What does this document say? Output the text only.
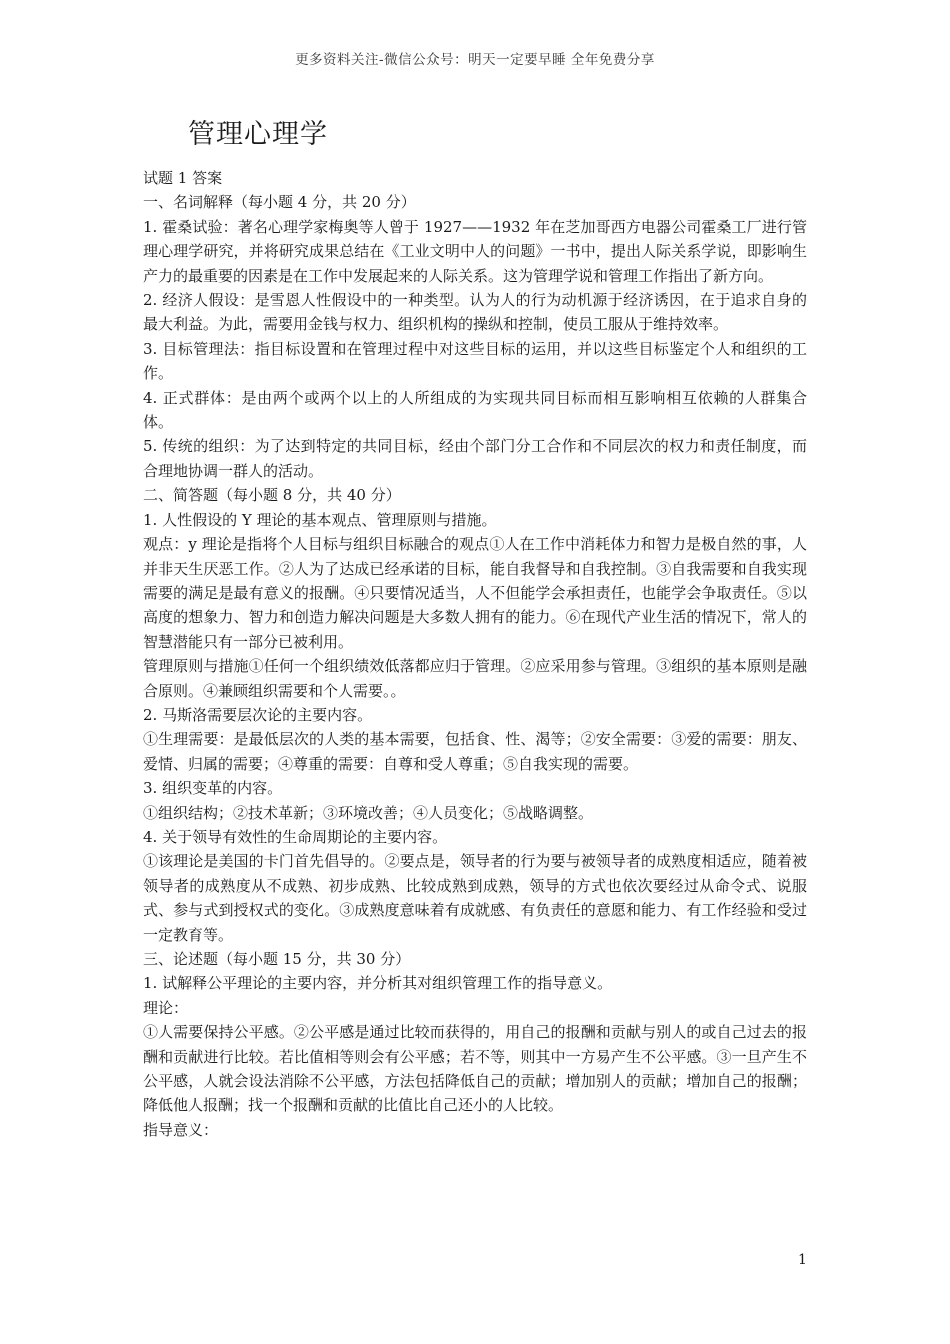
更多资料关注-微信公众号：明天一定要早睡 全年免费分享
管理心理学

试题 1 答案

一、名词解释（每小题 4 分，共 20 分）

1. 霍桑试验：著名心理学家梅奥等人曾于 1927——1932 年在芝加哥西方电器公司霍桑工厂进行管理心理学研究，并将研究成果总结在《工业文明中人的问题》一书中，提出人际关系学说，即影响生产力的最重要的因素是在工作中发展起来的人际关系。这为管理学说和管理工作指出了新方向。

2. 经济人假设：是雪恩人性假设中的一种类型。认为人的行为动机源于经济诱因，在于追求自身的最大利益。为此，需要用金钱与权力、组织机构的操纵和控制，使员工服从于维持效率。

3. 目标管理法：指目标设置和在管理过程中对这些目标的运用，并以这些目标鉴定个人和组织的工作。

4. 正式群体：是由两个或两个以上的人所组成的为实现共同目标而相互影响相互依赖的人群集合体。

5. 传统的组织：为了达到特定的共同目标，经由个部门分工合作和不同层次的权力和责任制度，而合理地协调一群人的活动。

二、简答题（每小题 8 分，共 40 分）

1. 人性假设的 Y 理论的基本观点、管理原则与措施。

观点：y 理论是指将个人目标与组织目标融合的观点①人在工作中消耗体力和智力是极自然的事，人并非天生厌恶工作。②人为了达成已经承诺的目标，能自我督导和自我控制。③自我需要和自我实现需要的满足是最有意义的报酬。④只要情况适当，人不但能学会承担责任，也能学会争取责任。⑤以高度的想象力、智力和创造力解决问题是大多数人拥有的能力。⑥在现代产业生活的情况下，常人的智慧潜能只有一部分已被利用。

管理原则与措施①任何一个组织绩效低落都应归于管理。②应采用参与管理。③组织的基本原则是融合原则。④兼顾组织需要和个人需要。。

2. 马斯洛需要层次论的主要内容。

①生理需要：是最低层次的人类的基本需要，包括食、性、渴等；②安全需要：③爱的需要：朋友、爱情、归属的需要；④尊重的需要：自尊和受人尊重；⑤自我实现的需要。

3. 组织变革的内容。

①组织结构；②技术革新；③环境改善；④人员变化；⑤战略调整。

4. 关于领导有效性的生命周期论的主要内容。

①该理论是美国的卡门首先倡导的。②要点是，领导者的行为要与被领导者的成熟度相适应，随着被领导者的成熟度从不成熟、初步成熟、比较成熟到成熟，领导的方式也依次要经过从命令式、说服式、参与式到授权式的变化。③成熟度意味着有成就感、有负责任的意愿和能力、有工作经验和受过一定教育等。

三、论述题（每小题 15 分，共 30 分）

1. 试解释公平理论的主要内容，并分析其对组织管理工作的指导意义。

理论：

①人需要保持公平感。②公平感是通过比较而获得的，用自己的报酬和贡献与别人的或自己过去的报酬和贡献进行比较。若比值相等则会有公平感；若不等，则其中一方易产生不公平感。③一旦产生不公平感，人就会设法消除不公平感，方法包括降低自己的贡献；增加别人的贡献；增加自己的报酬；降低他人报酬；找一个报酬和贡献的比值比自己还小的人比较。

指导意义：

1
